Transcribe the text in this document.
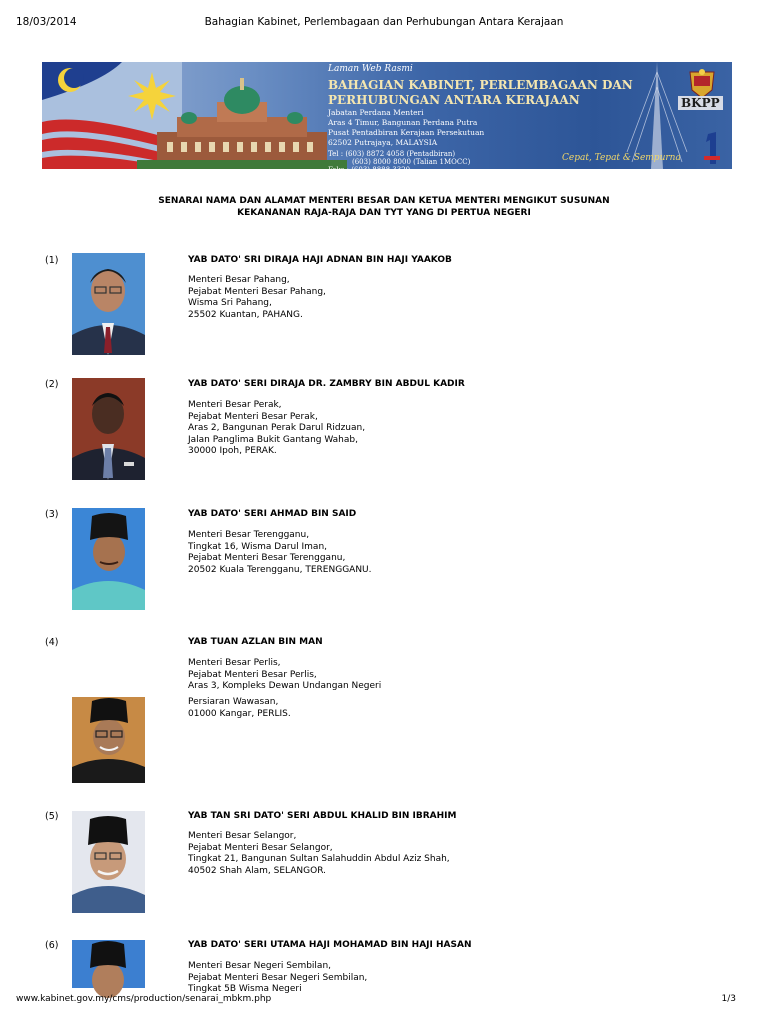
18/03/2014	Bahagian Kabinet, Perlembagaan dan Perhubungan Antara Kerajaan
Laman Web Rasmi
BAHAGIAN KABINET, PERLEMBAGAAN DAN
PERHUBUNGAN ANTARA KERAJAAN
Jabatan Perdana Menteri
Aras 4 Timur, Bangunan Perdana Putra
Pusat Pentadbiran Kerajaan Persekutuan
62502 Putrajaya, MALAYSIA
Tel : (603) 8872 4058 (Pentadbiran)
(603) 8000 8000 (Talian 1MOCC)
Faks : (603) 8888 3320
BKPP
Cepat, Tepat & Sempurna
SENARAI NAMA DAN ALAMAT MENTERI BESAR DAN KETUA MENTERI MENGIKUT SUSUNAN
KEKANANAN RAJA-RAJA DAN TYT YANG DI PERTUA NEGERI
(1)	YAB DATO' SRI DIRAJA HAJI ADNAN BIN HAJI YAAKOB
Menteri Besar Pahang,
Pejabat Menteri Besar Pahang,
Wisma Sri Pahang,
25502 Kuantan, PAHANG.
(2)	YAB DATO' SERI DIRAJA DR. ZAMBRY BIN ABDUL KADIR
Menteri Besar Perak,
Pejabat Menteri Besar Perak,
Aras 2, Bangunan Perak Darul Ridzuan,
Jalan Panglima Bukit Gantang Wahab,
30000 Ipoh, PERAK.
(3)	YAB DATO' SERI AHMAD BIN SAID
Menteri Besar Terengganu,
Tingkat 16, Wisma Darul Iman,
Pejabat Menteri Besar Terengganu,
20502 Kuala Terengganu, TERENGGANU.
(4)	YAB TUAN AZLAN BIN MAN
Menteri Besar Perlis,
Pejabat Menteri Besar Perlis,
Aras 3, Kompleks Dewan Undangan Negeri
Persiaran Wawasan,
01000 Kangar, PERLIS.
(5)	YAB TAN SRI DATO' SERI ABDUL KHALID BIN IBRAHIM
Menteri Besar Selangor,
Pejabat Menteri Besar Selangor,
Tingkat 21, Bangunan Sultan Salahuddin Abdul Aziz Shah,
40502 Shah Alam, SELANGOR.
(6)	YAB DATO' SERI UTAMA HAJI MOHAMAD BIN HAJI HASAN
Menteri Besar Negeri Sembilan,
Pejabat Menteri Besar Negeri Sembilan,
Tingkat 5B Wisma Negeri
www.kabinet.gov.my/cms/production/senarai_mbkm.php	1/3
